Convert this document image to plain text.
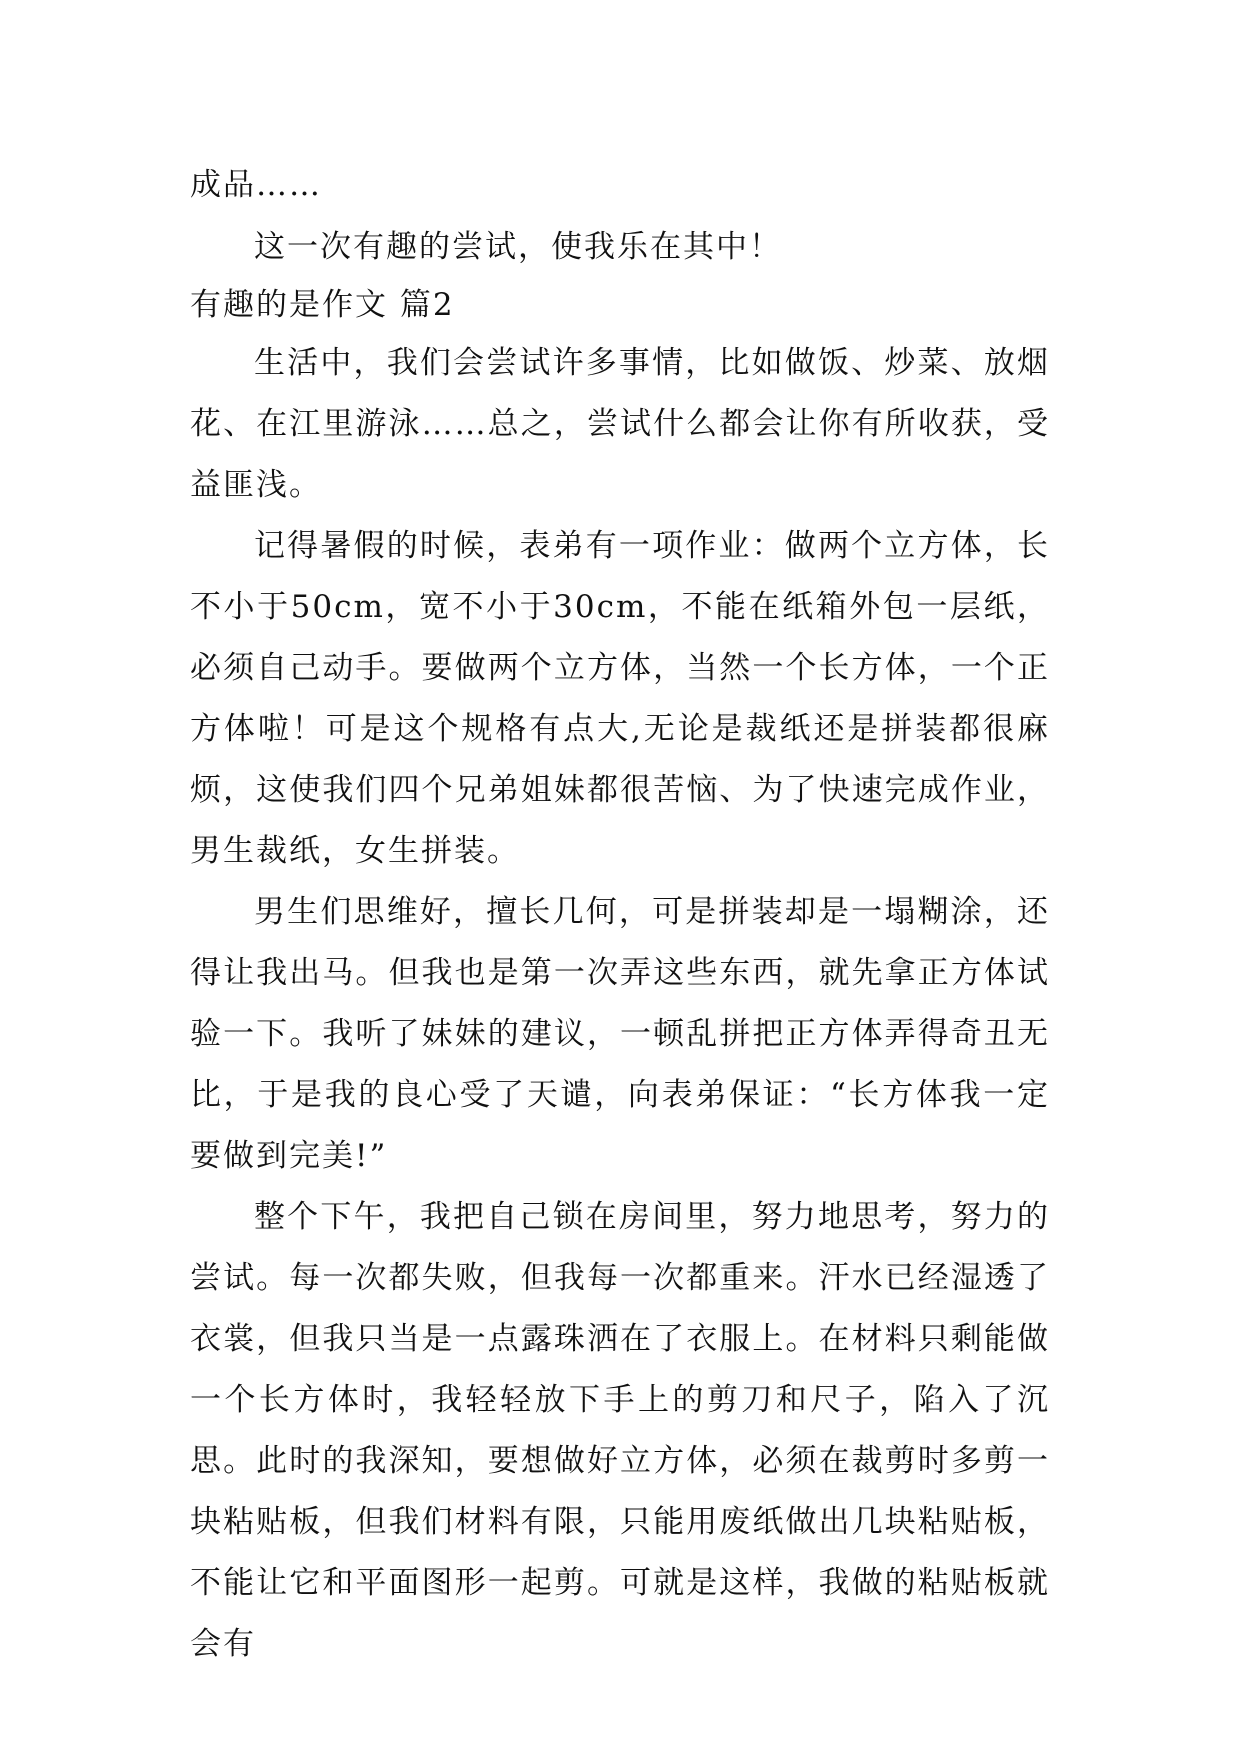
成品……

这一次有趣的尝试，使我乐在其中！

有趣的是作文 篇2

生活中，我们会尝试许多事情，比如做饭、炒菜、放烟花、在江里游泳……总之，尝试什么都会让你有所收获，受益匪浅。

记得暑假的时候，表弟有一项作业：做两个立方体，长不小于50cm，宽不小于30cm，不能在纸箱外包一层纸，必须自己动手。要做两个立方体，当然一个长方体，一个正方体啦！可是这个规格有点大,无论是裁纸还是拼装都很麻烦，这使我们四个兄弟姐妹都很苦恼、为了快速完成作业，男生裁纸，女生拼装。

男生们思维好，擅长几何，可是拼装却是一塌糊涂，还得让我出马。但我也是第一次弄这些东西，就先拿正方体试验一下。我听了妹妹的建议，一顿乱拼把正方体弄得奇丑无比，于是我的良心受了天谴，向表弟保证：“长方体我一定要做到完美!”

整个下午，我把自己锁在房间里，努力地思考，努力的尝试。每一次都失败，但我每一次都重来。汗水已经湿透了衣裳，但我只当是一点露珠洒在了衣服上。在材料只剩能做一个长方体时，我轻轻放下手上的剪刀和尺子，陷入了沉思。此时的我深知，要想做好立方体，必须在裁剪时多剪一块粘贴板，但我们材料有限，只能用废纸做出几块粘贴板，不能让它和平面图形一起剪。可就是这样，我做的粘贴板就会有
